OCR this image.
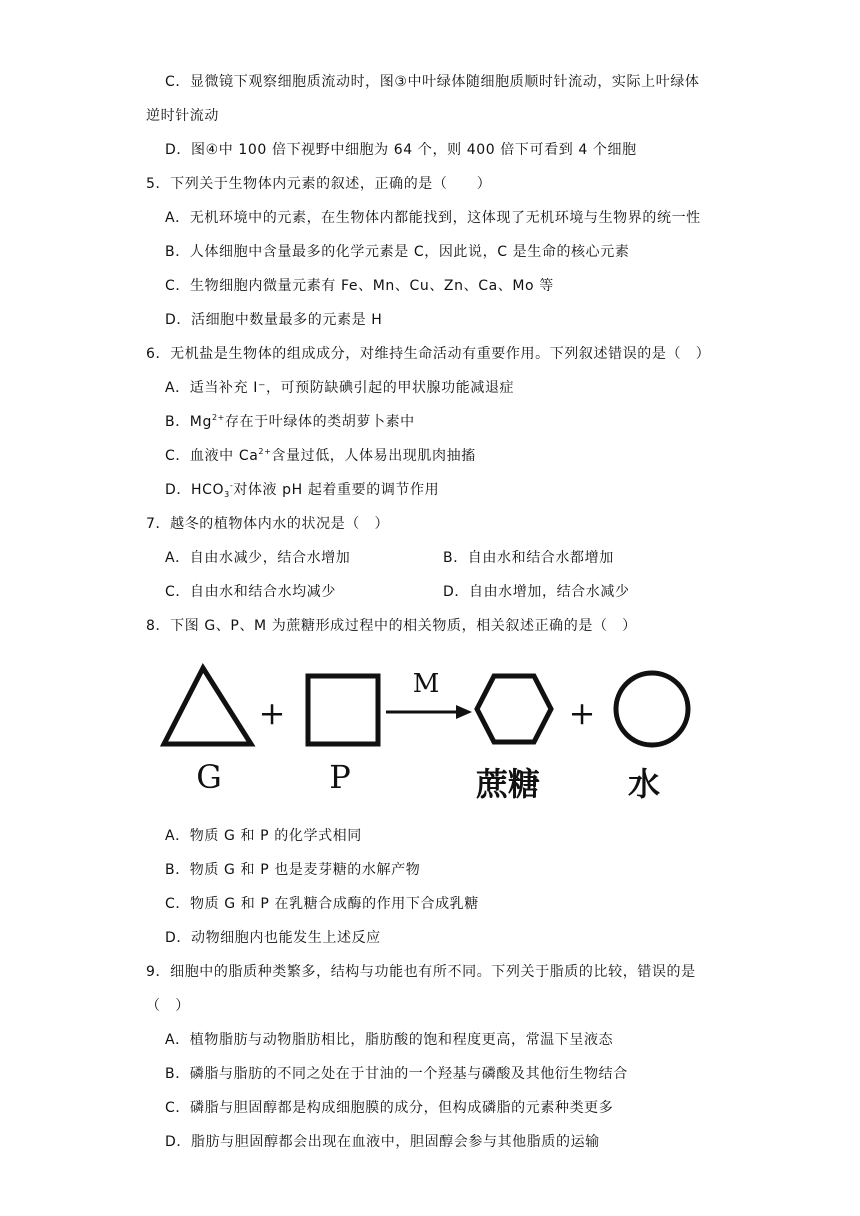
C．显微镜下观察细胞质流动时，图③中叶绿体随细胞质顺时针流动，实际上叶绿体
逆时针流动
D．图④中 100 倍下视野中细胞为 64 个，则 400 倍下可看到 4 个细胞
5．下列关于生物体内元素的叙述，正确的是（　　）
A．无机环境中的元素，在生物体内都能找到，这体现了无机环境与生物界的统一性
B．人体细胞中含量最多的化学元素是 C，因此说，C 是生命的核心元素
C．生物细胞内微量元素有 Fe、Mn、Cu、Zn、Ca、Mo 等
D．活细胞中数量最多的元素是 H
6．无机盐是生物体的组成成分，对维持生命活动有重要作用。下列叙述错误的是（　）
A．适当补充 I⁻，可预防缺碘引起的甲状腺功能减退症
B．$Mg^{2+}$存在于叶绿体的类胡萝卜素中
C．血液中 $Ca^{2+}$含量过低，人体易出现肌肉抽搐
D．$HCO_3^-$对体液 pH 起着重要的调节作用
7．越冬的植物体内水的状况是（　）
A．自由水减少，结合水增加	B．自由水和结合水都增加
C．自由水和结合水均减少	D．自由水增加，结合水减少
8．下图 G、P、M 为蔗糖形成过程中的相关物质，相关叙述正确的是（　）
+
M
+
G	P	蔗糖	水
A．物质 G 和 P 的化学式相同
B．物质 G 和 P 也是麦芽糖的水解产物
C．物质 G 和 P 在乳糖合成酶的作用下合成乳糖
D．动物细胞内也能发生上述反应
9．细胞中的脂质种类繁多，结构与功能也有所不同。下列关于脂质的比较，错误的是
（　）
A．植物脂肪与动物脂肪相比，脂肪酸的饱和程度更高，常温下呈液态
B．磷脂与脂肪的不同之处在于甘油的一个羟基与磷酸及其他衍生物结合
C．磷脂与胆固醇都是构成细胞膜的成分，但构成磷脂的元素种类更多
D．脂肪与胆固醇都会出现在血液中，胆固醇会参与其他脂质的运输
